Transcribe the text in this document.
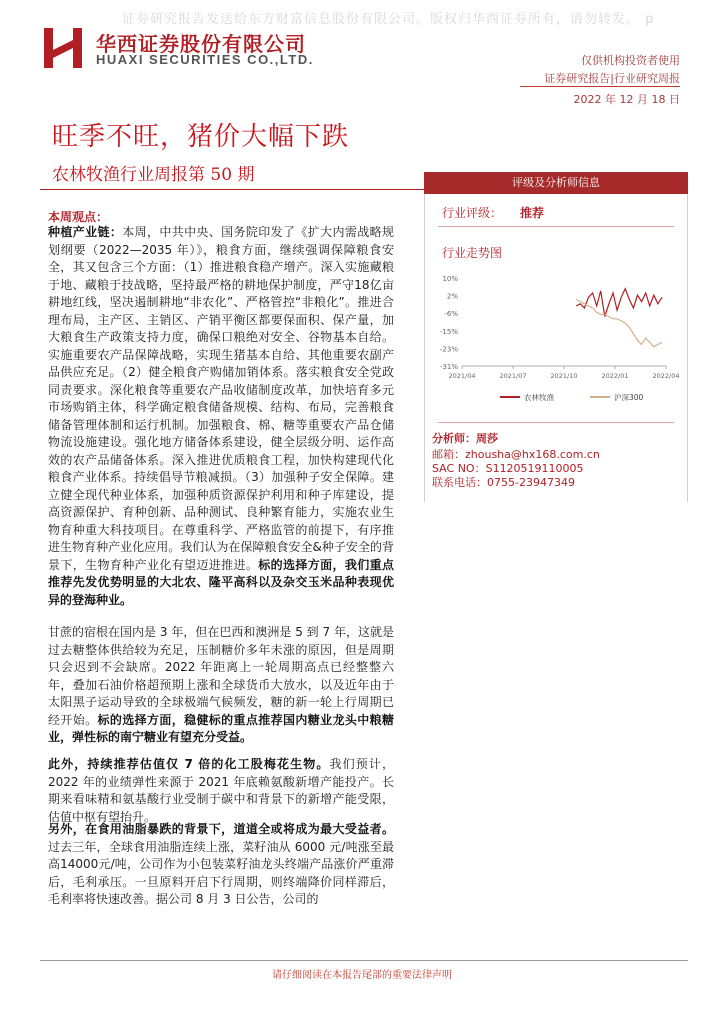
证券研究报告发送给东方财富信息股份有限公司。版权归华西证券所有，请勿转发。 p
华西证券股份有限公司
HUAXI SECURITIES CO.,LTD.	仅供机构投资者使用
证券研究报告|行业研究周报
2022 年 12 月 18 日
旺季不旺，猪价大幅下跌
农林牧渔行业周报第 50 期	评级及分析师信息
行业评级： 推荐
行业走势图
10%
2%
-6%
-15%
-23%
-31%
2021/04	2021/07	2021/10	2022/01	2022/04
农林牧渔	沪深300
分析师：周莎
邮箱：zhousha@hx168.com.cn
SAC NO：S1120519110005
联系电话：0755-23947349
本周观点：
种植产业链：本周，中共中央、国务院印发了《扩大内需战略规划纲要（2022—2035 年）》，粮食方面，继续强调保障粮食安全，其又包含三个方面：（1）推进粮食稳产增产。深入实施藏粮于地、藏粮于技战略，坚持最严格的耕地保护制度，严守18亿亩耕地红线，坚决遏制耕地“非农化”、严格管控“非粮化”。推进合理布局，主产区、主销区、产销平衡区都要保面积、保产量，加大粮食生产政策支持力度，确保口粮绝对安全、谷物基本自给。实施重要农产品保障战略，实现生猪基本自给、其他重要农副产品供应充足。（2）健全粮食产购储加销体系。落实粮食安全党政同责要求。深化粮食等重要农产品收储制度改革，加快培育多元市场购销主体，科学确定粮食储备规模、结构、布局，完善粮食储备管理体制和运行机制。加强粮食、棉、糖等重要农产品仓储物流设施建设。强化地方储备体系建设，健全层级分明、运作高效的农产品储备体系。深入推进优质粮食工程，加快构建现代化粮食产业体系。持续倡导节粮减损。（3）加强种子安全保障。建立健全现代种业体系，加强种质资源保护利用和种子库建设，提高资源保护、育种创新、品种测试、良种繁育能力，实施农业生物育种重大科技项目。在尊重科学、严格监管的前提下，有序推进生物育种产业化应用。我们认为在保障粮食安全&种子安全的背景下，生物育种产业化有望迈进推进。标的选择方面，我们重点推荐先发优势明显的大北农、隆平高科以及杂交玉米品种表现优异的登海种业。
甘蔗的宿根在国内是 3 年，但在巴西和澳洲是 5 到 7 年，这就是过去糖整体供给较为充足，压制糖价多年未涨的原因，但是周期只会迟到不会缺席。2022 年距离上一轮周期高点已经整整六年，叠加石油价格超预期上涨和全球货币大放水，以及近年由于太阳黑子运动导致的全球极端气候频发，糖的新一轮上行周期已经开始。标的选择方面，稳健标的重点推荐国内糖业龙头中粮糖业，弹性标的南宁糖业有望充分受益。
此外，持续推荐估值仅 7 倍的化工股梅花生物。我们预计，2022 年的业绩弹性来源于 2021 年底赖氨酸新增产能投产。长期来看味精和氨基酸行业受制于碳中和背景下的新增产能受限，估值中枢有望抬升。
另外，在食用油脂暴跌的背景下，道道全或将成为最大受益者。过去三年，全球食用油脂连续上涨，菜籽油从 6000 元/吨涨至最高14000元/吨，公司作为小包装菜籽油龙头终端产品涨价严重滞后，毛利承压。一旦原料开启下行周期，则终端降价同样滞后，毛利率将快速改善。据公司 8 月 3 日公告，公司的
请仔细阅读在本报告尾部的重要法律声明
